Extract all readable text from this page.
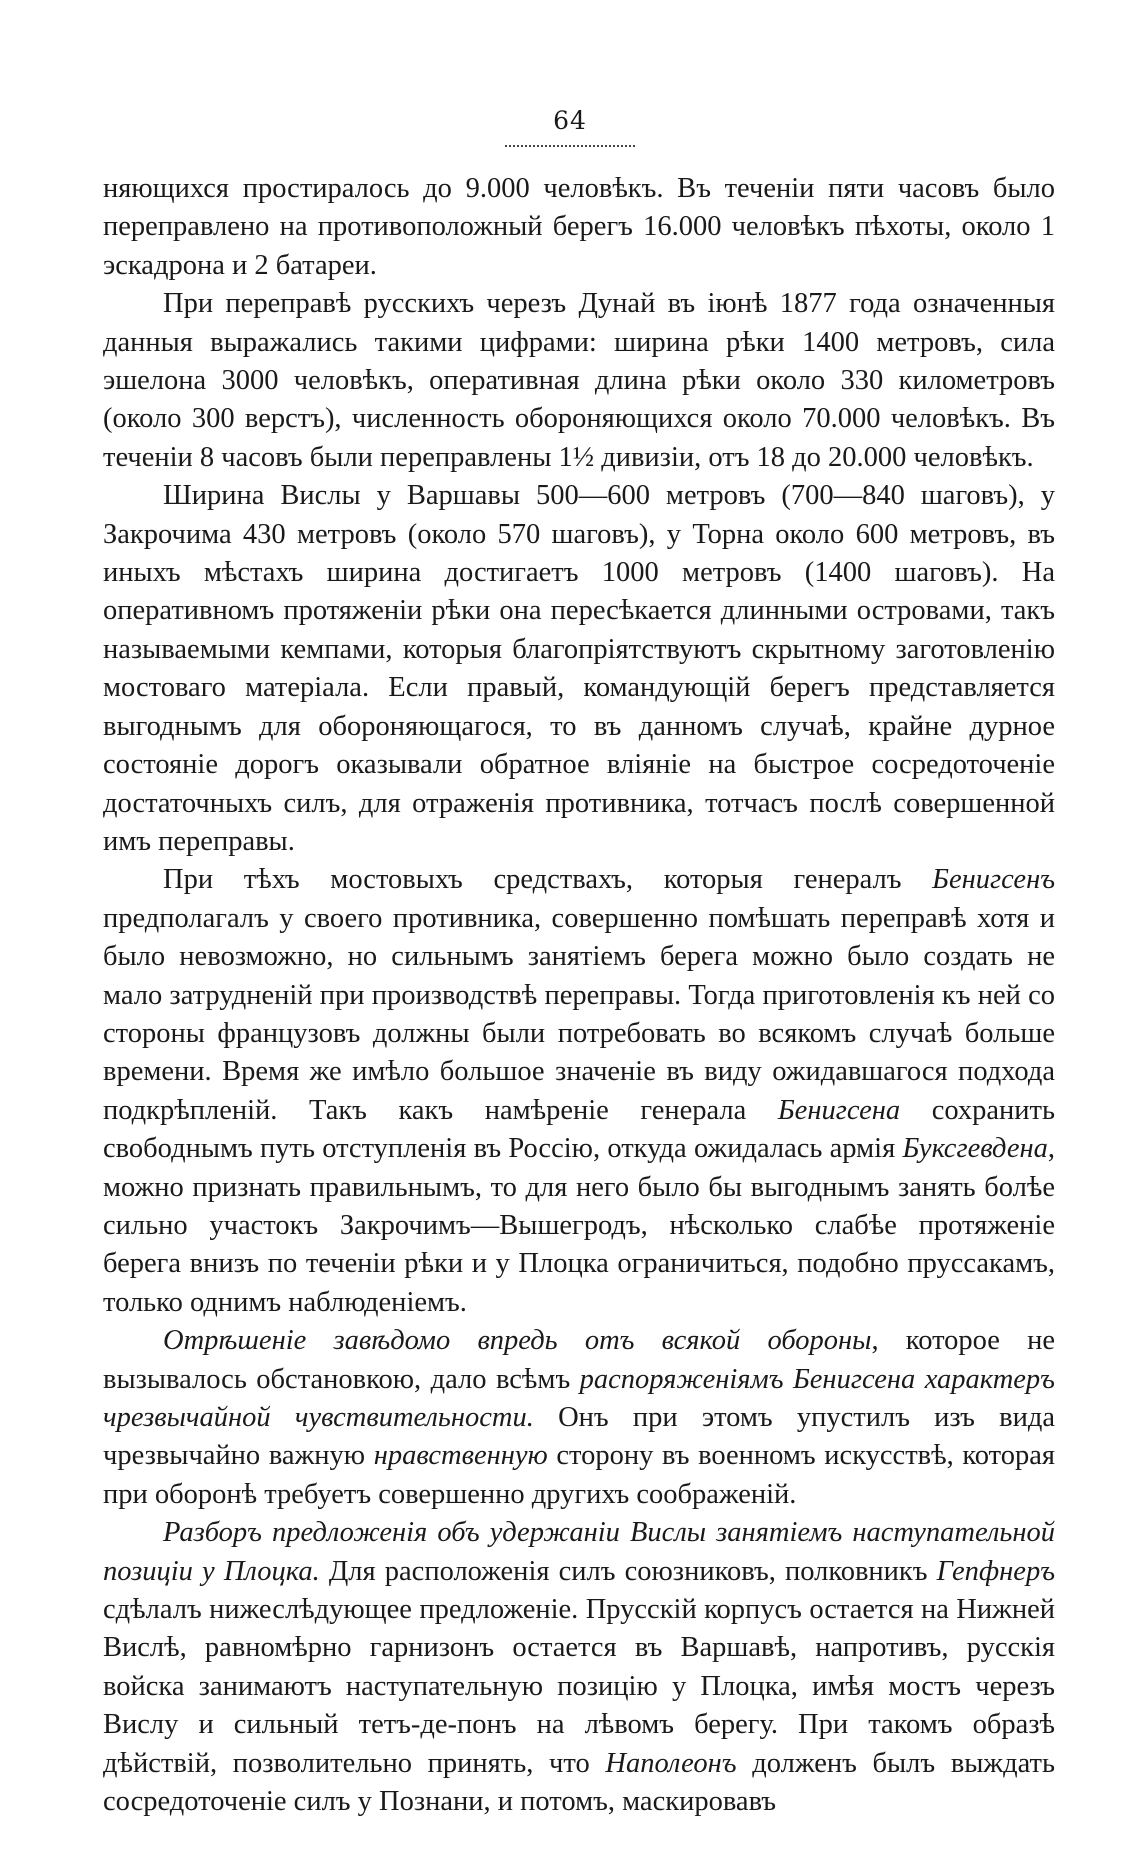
64

няющихся простиралось до 9.000 человѣкъ. Въ теченіи пяти часовъ было переправлено на противоположный берегъ 16.000 человѣкъ пѣхоты, около 1 эскадрона и 2 батареи.

При переправѣ русскихъ черезъ Дунай въ іюнѣ 1877 года означенныя данныя выражались такими цифрами: ширина рѣки 1400 метровъ, сила эшелона 3000 человѣкъ, оперативная длина рѣки около 330 километровъ (около 300 верстъ), численность обороняющихся около 70.000 человѣкъ. Въ теченіи 8 часовъ были переправлены 1½ дивизіи, отъ 18 до 20.000 человѣкъ.

Ширина Вислы у Варшавы 500—600 метровъ (700—840 шаговъ), у Закрочима 430 метровъ (около 570 шаговъ), у Торна около 600 метровъ, въ иныхъ мѣстахъ ширина достигаетъ 1000 метровъ (1400 шаговъ). На оперативномъ протяженіи рѣки она пересѣкается длинными островами, такъ называемыми кемпами, которыя благопріятствуютъ скрытному заготовленію мостоваго матеріала. Если правый, командующій берегъ представляется выгоднымъ для обороняющагося, то въ данномъ случаѣ, крайне дурное состояніе дорогъ оказывали обратное вліяніе на быстрое сосредоточеніе достаточныхъ силъ, для отраженія противника, тотчасъ послѣ совершенной имъ переправы.

При тѣхъ мостовыхъ средствахъ, которыя генералъ Бенигсенъ предполагалъ у своего противника, совершенно помѣшать переправѣ хотя и было невозможно, но сильнымъ занятіемъ берега можно было создать не мало затрудненій при производствѣ переправы. Тогда приготовленія къ ней со стороны французовъ должны были потребовать во всякомъ случаѣ больше времени. Время же имѣло большое значеніе въ виду ожидавшагося подхода подкрѣпленій. Такъ какъ намѣреніе генерала Бенигсена сохранить свободнымъ путь отступленія въ Россію, откуда ожидалась армія Буксгевдена, можно признать правильнымъ, то для него было бы выгоднымъ занять болѣе сильно участокъ Закрочимъ—Вышегродъ, нѣсколько слабѣе протяженіе берега внизъ по теченіи рѣки и у Плоцка ограничиться, подобно пруссакамъ, только однимъ наблюденіемъ.

Отрѣшеніе завѣдомо впредь отъ всякой обороны, которое не вызывалось обстановкою, дало всѣмъ распоряженіямъ Бенигсена характеръ чрезвычайной чувствительности. Онъ при этомъ упустилъ изъ вида чрезвычайно важную нравственную сторону въ военномъ искусствѣ, которая при оборонѣ требуетъ совершенно другихъ соображеній.

Разборъ предложенія объ удержаніи Вислы занятіемъ наступательной позиціи у Плоцка. Для расположенія силъ союзниковъ, полковникъ Гепфнеръ сдѣлалъ нижеслѣдующее предложеніе. Прусскій корпусъ остается на Нижней Вислѣ, равномѣрно гарнизонъ остается въ Варшавѣ, напротивъ, русскія войска занимаютъ наступательную позицію у Плоцка, имѣя мостъ черезъ Вислу и сильный тетъ-де-понъ на лѣвомъ берегу. При такомъ образѣ дѣйствій, позволительно принять, что Наполеонъ долженъ былъ выждать сосредоточеніе силъ у Познани, и потомъ, маскировавъ
